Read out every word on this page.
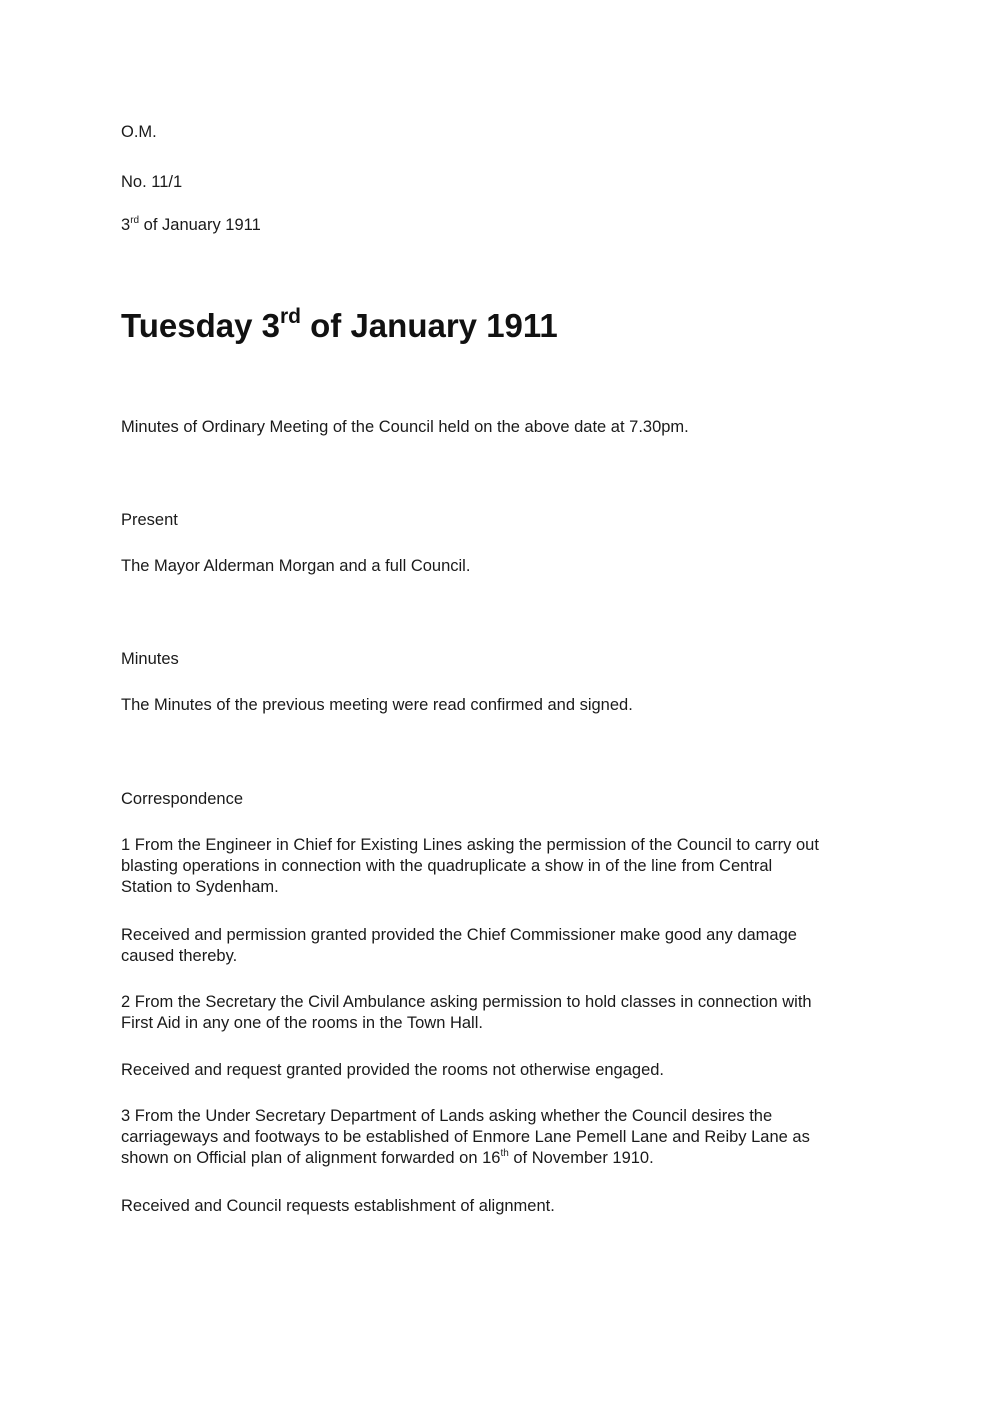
O.M.

No. 11/1

3rd of January 1911

Tuesday 3rd of January 1911

Minutes of Ordinary Meeting of the Council held on the above date at 7.30pm.

Present

The Mayor Alderman Morgan and a full Council.

Minutes

The Minutes of the previous meeting were read confirmed and signed.

Correspondence

1 From the Engineer in Chief for Existing Lines asking the permission of the Council to carry out
blasting operations in connection with the quadruplicate a show in of the line from Central
Station to Sydenham.
Received and permission granted provided the Chief Commissioner make good any damage
caused thereby.
2 From the Secretary the Civil Ambulance asking permission to hold classes in connection with
First Aid in any one of the rooms in the Town Hall.

Received and request granted provided the rooms not otherwise engaged.

3 From the Under Secretary Department of Lands asking whether the Council desires the
carriageways and footways to be established of Enmore Lane Pemell Lane and Reiby Lane as
shown on Official plan of alignment forwarded on 16th of November 1910.

Received and Council requests establishment of alignment.
